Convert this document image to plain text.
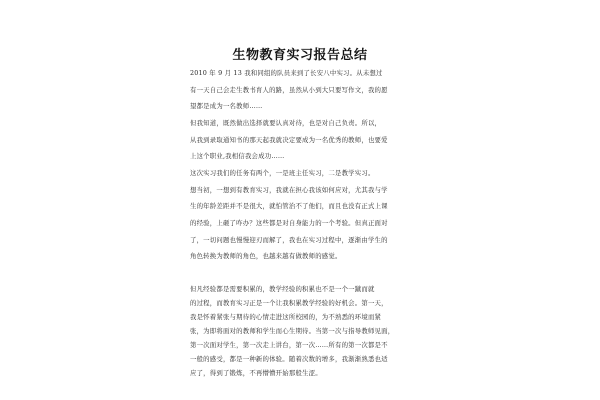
生物教育实习报告总结
2010 年 9 月 13 我和同组的队员来到了长安八中实习。从未想过
有一天自己会走生教书育人的路，虽然从小到大只要写作文，我的愿
望都是成为一名教师……
但我知道，既然做出选择就要认真对待，也是对自己负责。所以，
从我到录取通知书的那天起我就决定要成为一名优秀的教师，也要爱
上这个职业,我相信我会成功……
这次实习我们的任务有两个，一是班主任实习，二是教学实习。
想当初，一想到有教育实习，我就在担心我该如何应对，尤其我与学
生的年龄差距并不是很大，就怕管治不了他们，而且也没有正式上课
的经验，上砸了咋办？这些都是对自身能力的一个考验。但真正面对
了，一切问题也慢慢迎刃而解了，我也在实习过程中，逐渐由学生的
角色转换为教师的角色，也越来越有做教师的感觉。
但凡经验都是需要积累的，教学经验的积累也不是一个一蹴而就
的过程，而教育实习正是一个让我积累教学经验的好机会。第一天，
我是怀着紧张与期待的心情走进这所校园的，为不熟悉的环境而紧
张，为即将面对的教师和学生而心生期待。当第一次与指导教师见面，
第一次面对学生，第一次走上讲台，第一次……所有的第一次都是不
一般的感受，都是一种新的体验。随着次数的增多，我渐渐熟悉也适
应了，得到了锻炼，不再懵懵开始那般生涩。
